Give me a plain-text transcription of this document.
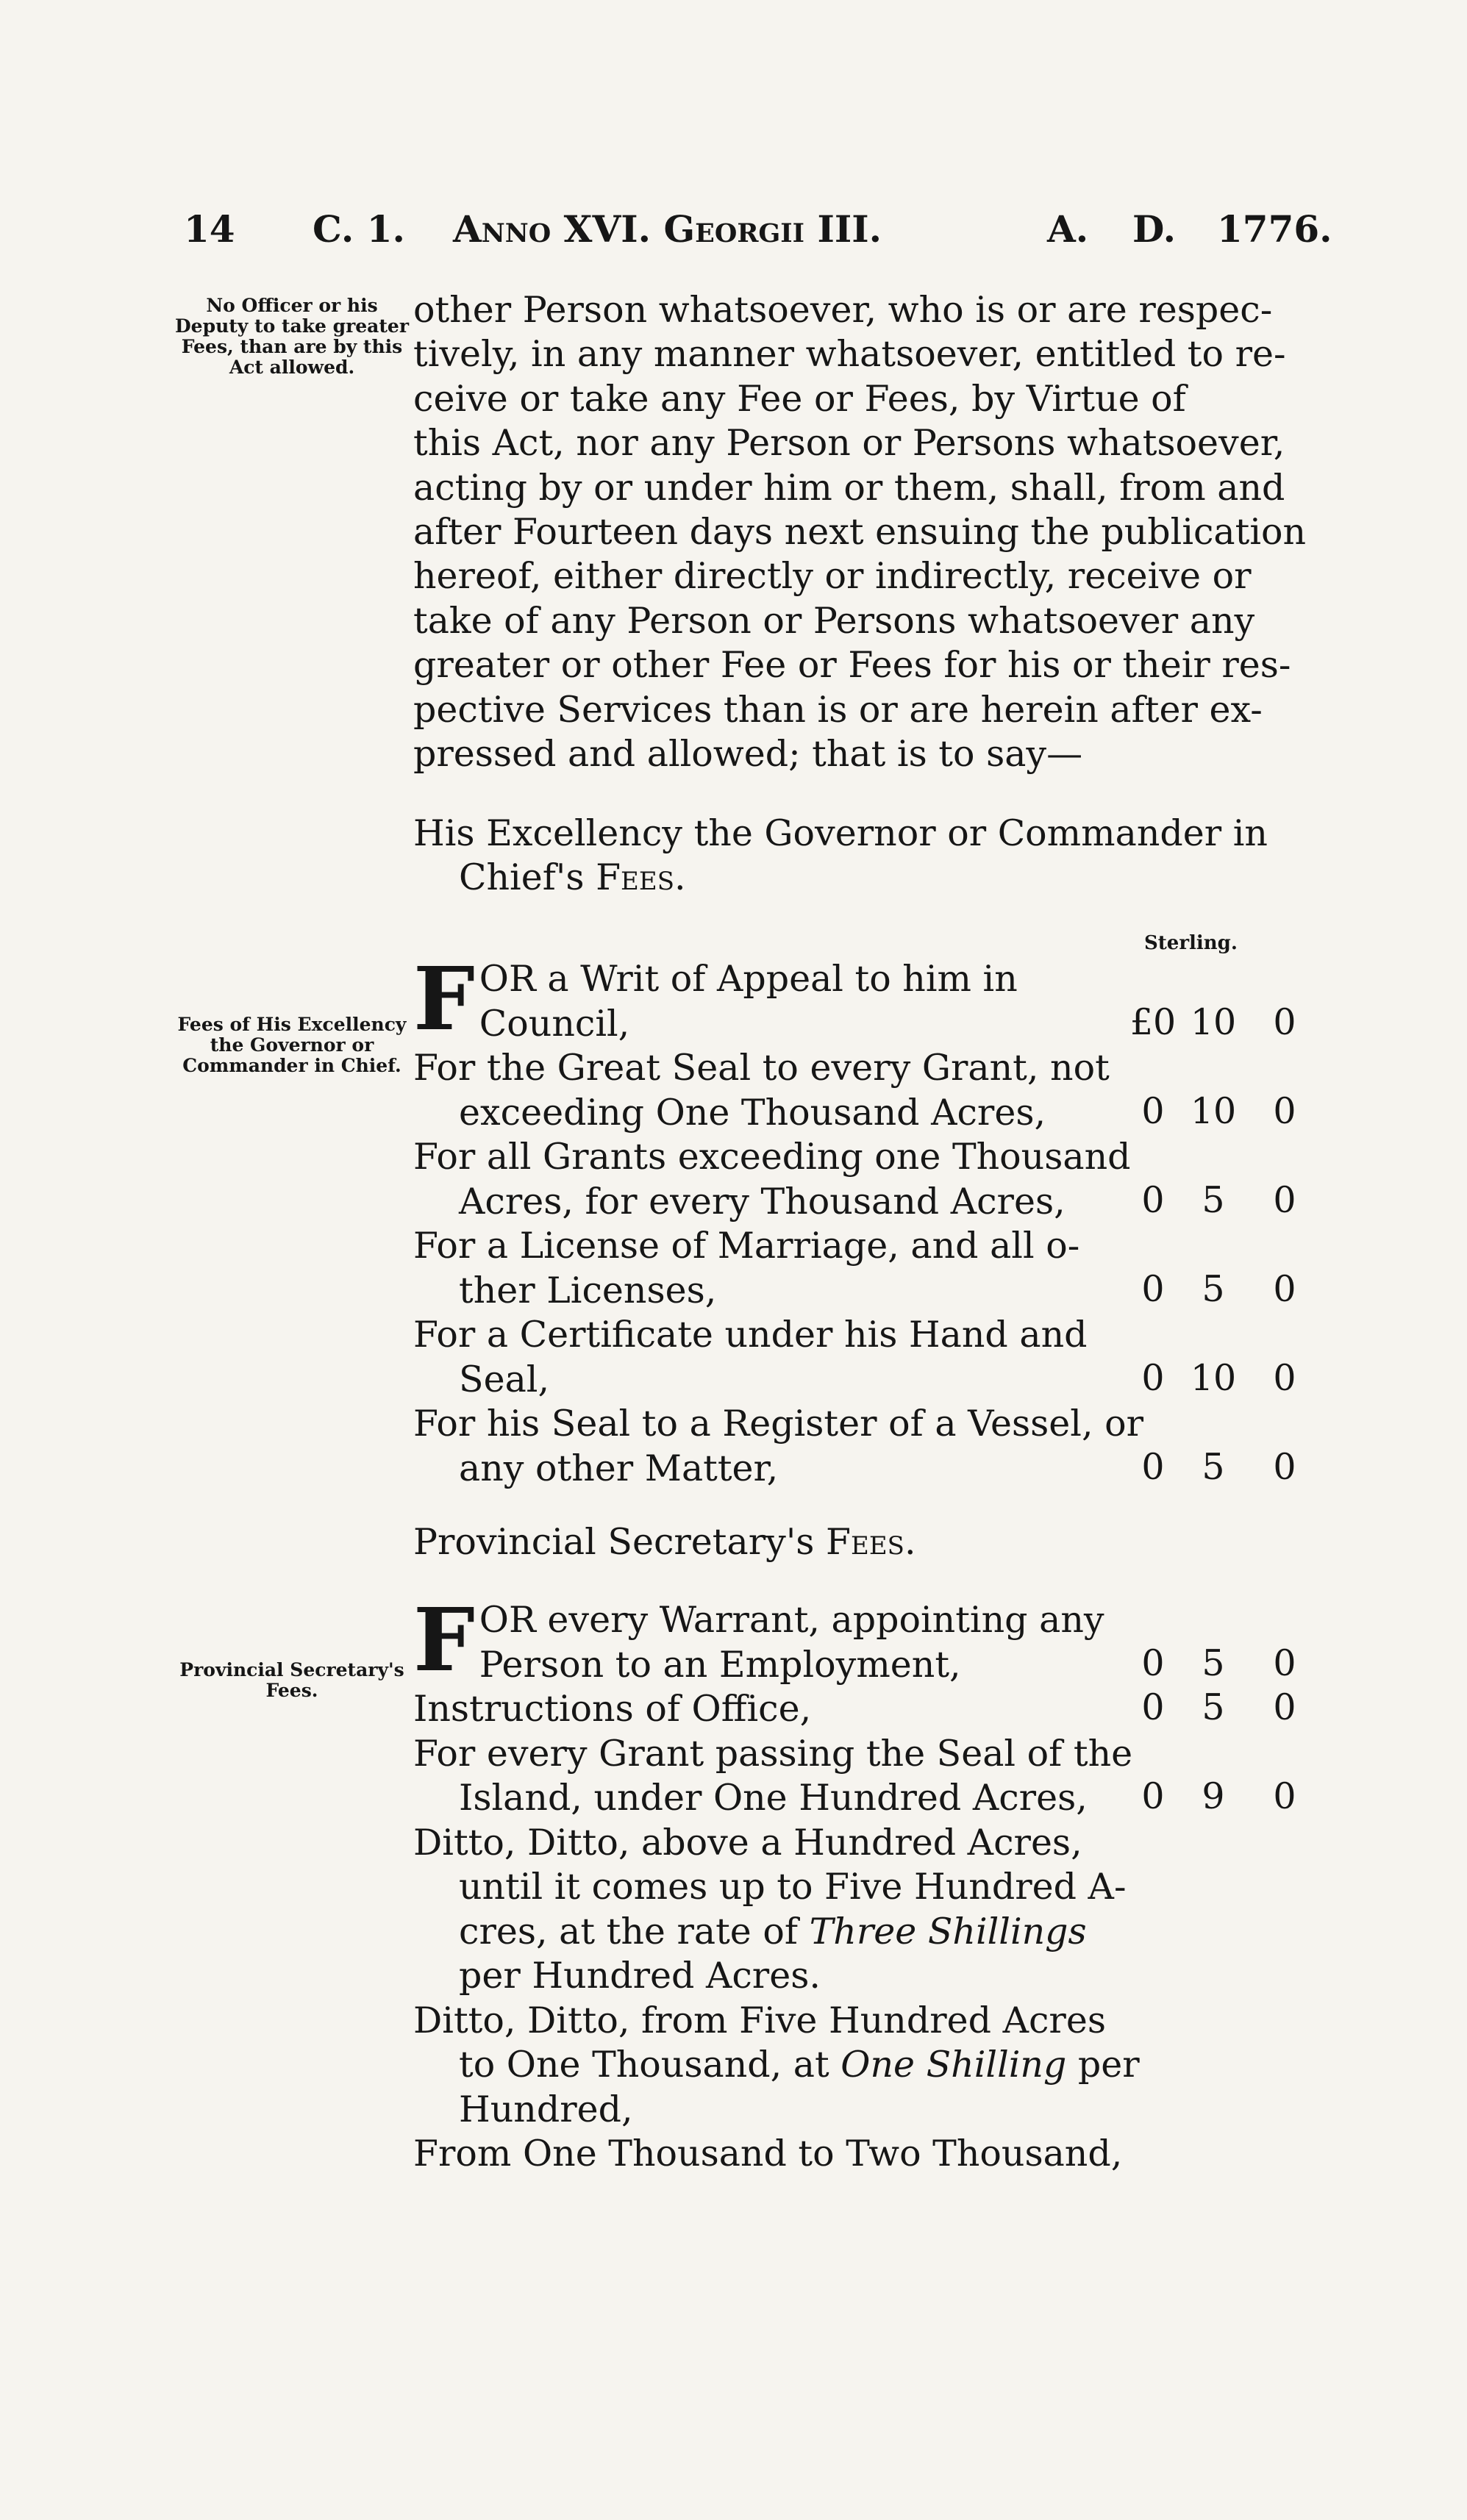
14 C. 1. Anno XVI. Georgii III.	A. D. 1776.
No Officer or his Deputy to take greater Fees, than are by this Act allowed.
Fees of His Excellency the Governor or Commander in Chief.
Provincial Secretary's Fees.
other Person whatsoever, who is or are respec-
tively, in any manner whatsoever, entitled to re-
ceive or take any Fee or Fees, by Virtue of
this Act, nor any Person or Persons whatsoever,
acting by or under him or them, shall, from and
after Fourteen days next ensuing the publication
hereof, either directly or indirectly, receive or
take of any Person or Persons whatsoever any
greater or other Fee or Fees for his or their res-
pective Services than is or are herein after ex-
pressed and allowed; that is to say—

His Excellency the Governor or Commander in Chief's Fees.

Sterling.

FOR a Writ of Appeal to him in Council,	£0 10 0

For the Great Seal to every Grant, not exceeding One Thousand Acres,	0 10 0

For all Grants exceeding one Thousand Acres, for every Thousand Acres,	0 5 0

For a License of Marriage, and all o-ther Licenses,	0 5 0

For a Certificate under his Hand and Seal,	0 10 0

For his Seal to a Register of a Vessel, or any other Matter,	0 5 0

Provincial Secretary's Fees.

FOR every Warrant, appointing any Person to an Employment,	0 5 0

Instructions of Office,	0 5 0

For every Grant passing the Seal of the Island, under One Hundred Acres,	0 9 0

Ditto, Ditto, above a Hundred Acres, until it comes up to Five Hundred A-cres, at the rate of Three Shillings per Hundred Acres.

Ditto, Ditto, from Five Hundred Acres to One Thousand, at One Shilling per Hundred,

From One Thousand to Two Thousand,
